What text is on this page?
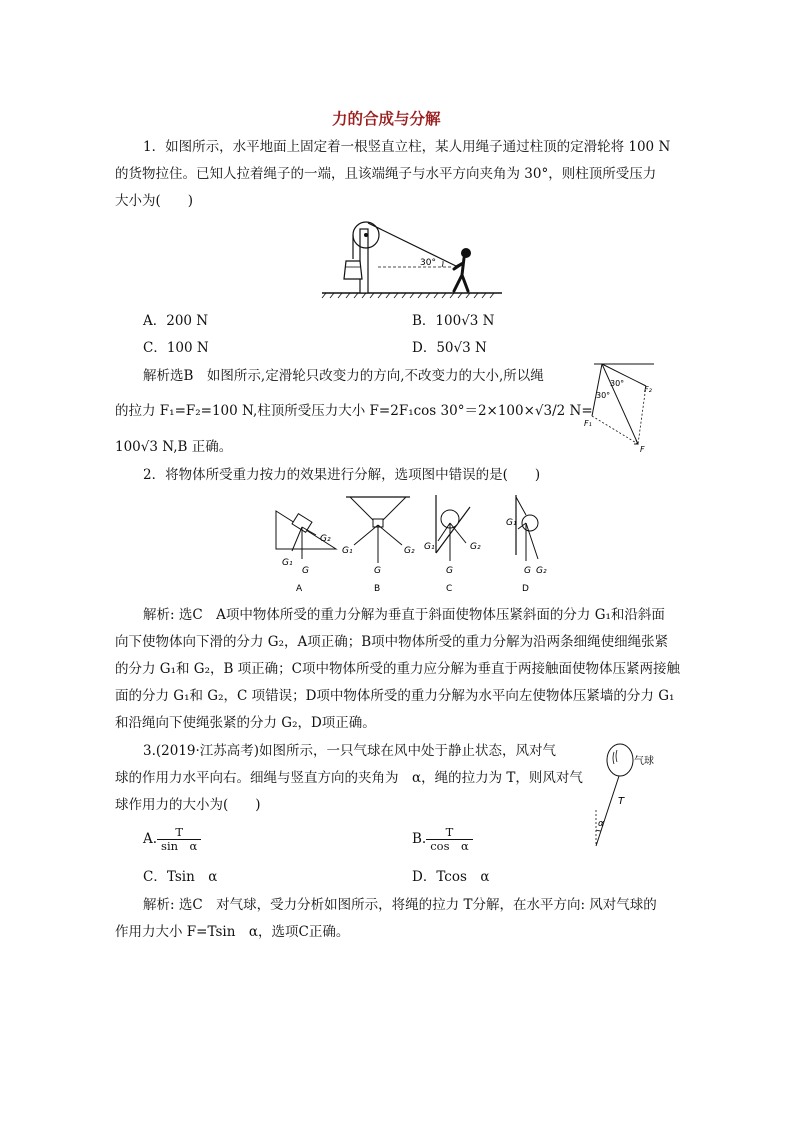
力的合成与分解
1．如图所示，水平地面上固定着一根竖直立柱，某人用绳子通过柱顶的定滑轮将 100 N
的货物拉住。已知人拉着绳子的一端，且该端绳子与水平方向夹角为 30°，则柱顶所受压力
大小为(　　)
30°
A．200 N	B．100√3 N
C．100 N	D．50√3 N
解析选B　如图所示,定滑轮只改变力的方向,不改变力的大小,所以绳
的拉力 F₁=F₂=100 N,柱顶所受压力大小 F=2F₁cos 30°＝2×100×√3/2 N=
100√3 N,B 正确。
30°
30°
F₂
F₁
F
2．将物体所受重力按力的效果进行分解，选项图中错误的是(　　)
G
G₁
G₂
A
G
G₁	G₂
B
G
G₁	G₂
C
G
G₁
G₂
D
解析: 选C　A项中物体所受的重力分解为垂直于斜面使物体压紧斜面的分力 G₁和沿斜面
向下使物体向下滑的分力 G₂，A项正确；B项中物体所受的重力分解为沿两条细绳使细绳张紧
的分力 G₁和 G₂，B 项正确；C项中物体所受的重力应分解为垂直于两接触面使物体压紧两接触
面的分力 G₁和 G₂，C 项错误；D项中物体所受的重力分解为水平向左使物体压紧墙的分力 G₁
和沿绳向下使绳张紧的分力 G₂，D项正确。
3.(2019·江苏高考)如图所示，一只气球在风中处于静止状态，风对气
球的作用力水平向右。细绳与竖直方向的夹角为　α，绳的拉力为 T，则风对气
球作用力的大小为(　　)
气球
T
α
A. $\frac{T}{\text{sin　α}}$	B. $\frac{T}{\text{cos　α}}$
C．Tsin　α	D．Tcos　α
解析: 选C　对气球，受力分析如图所示，将绳的拉力 T分解，在水平方向: 风对气球的
作用力大小 F=Tsin　α，选项C正确。
